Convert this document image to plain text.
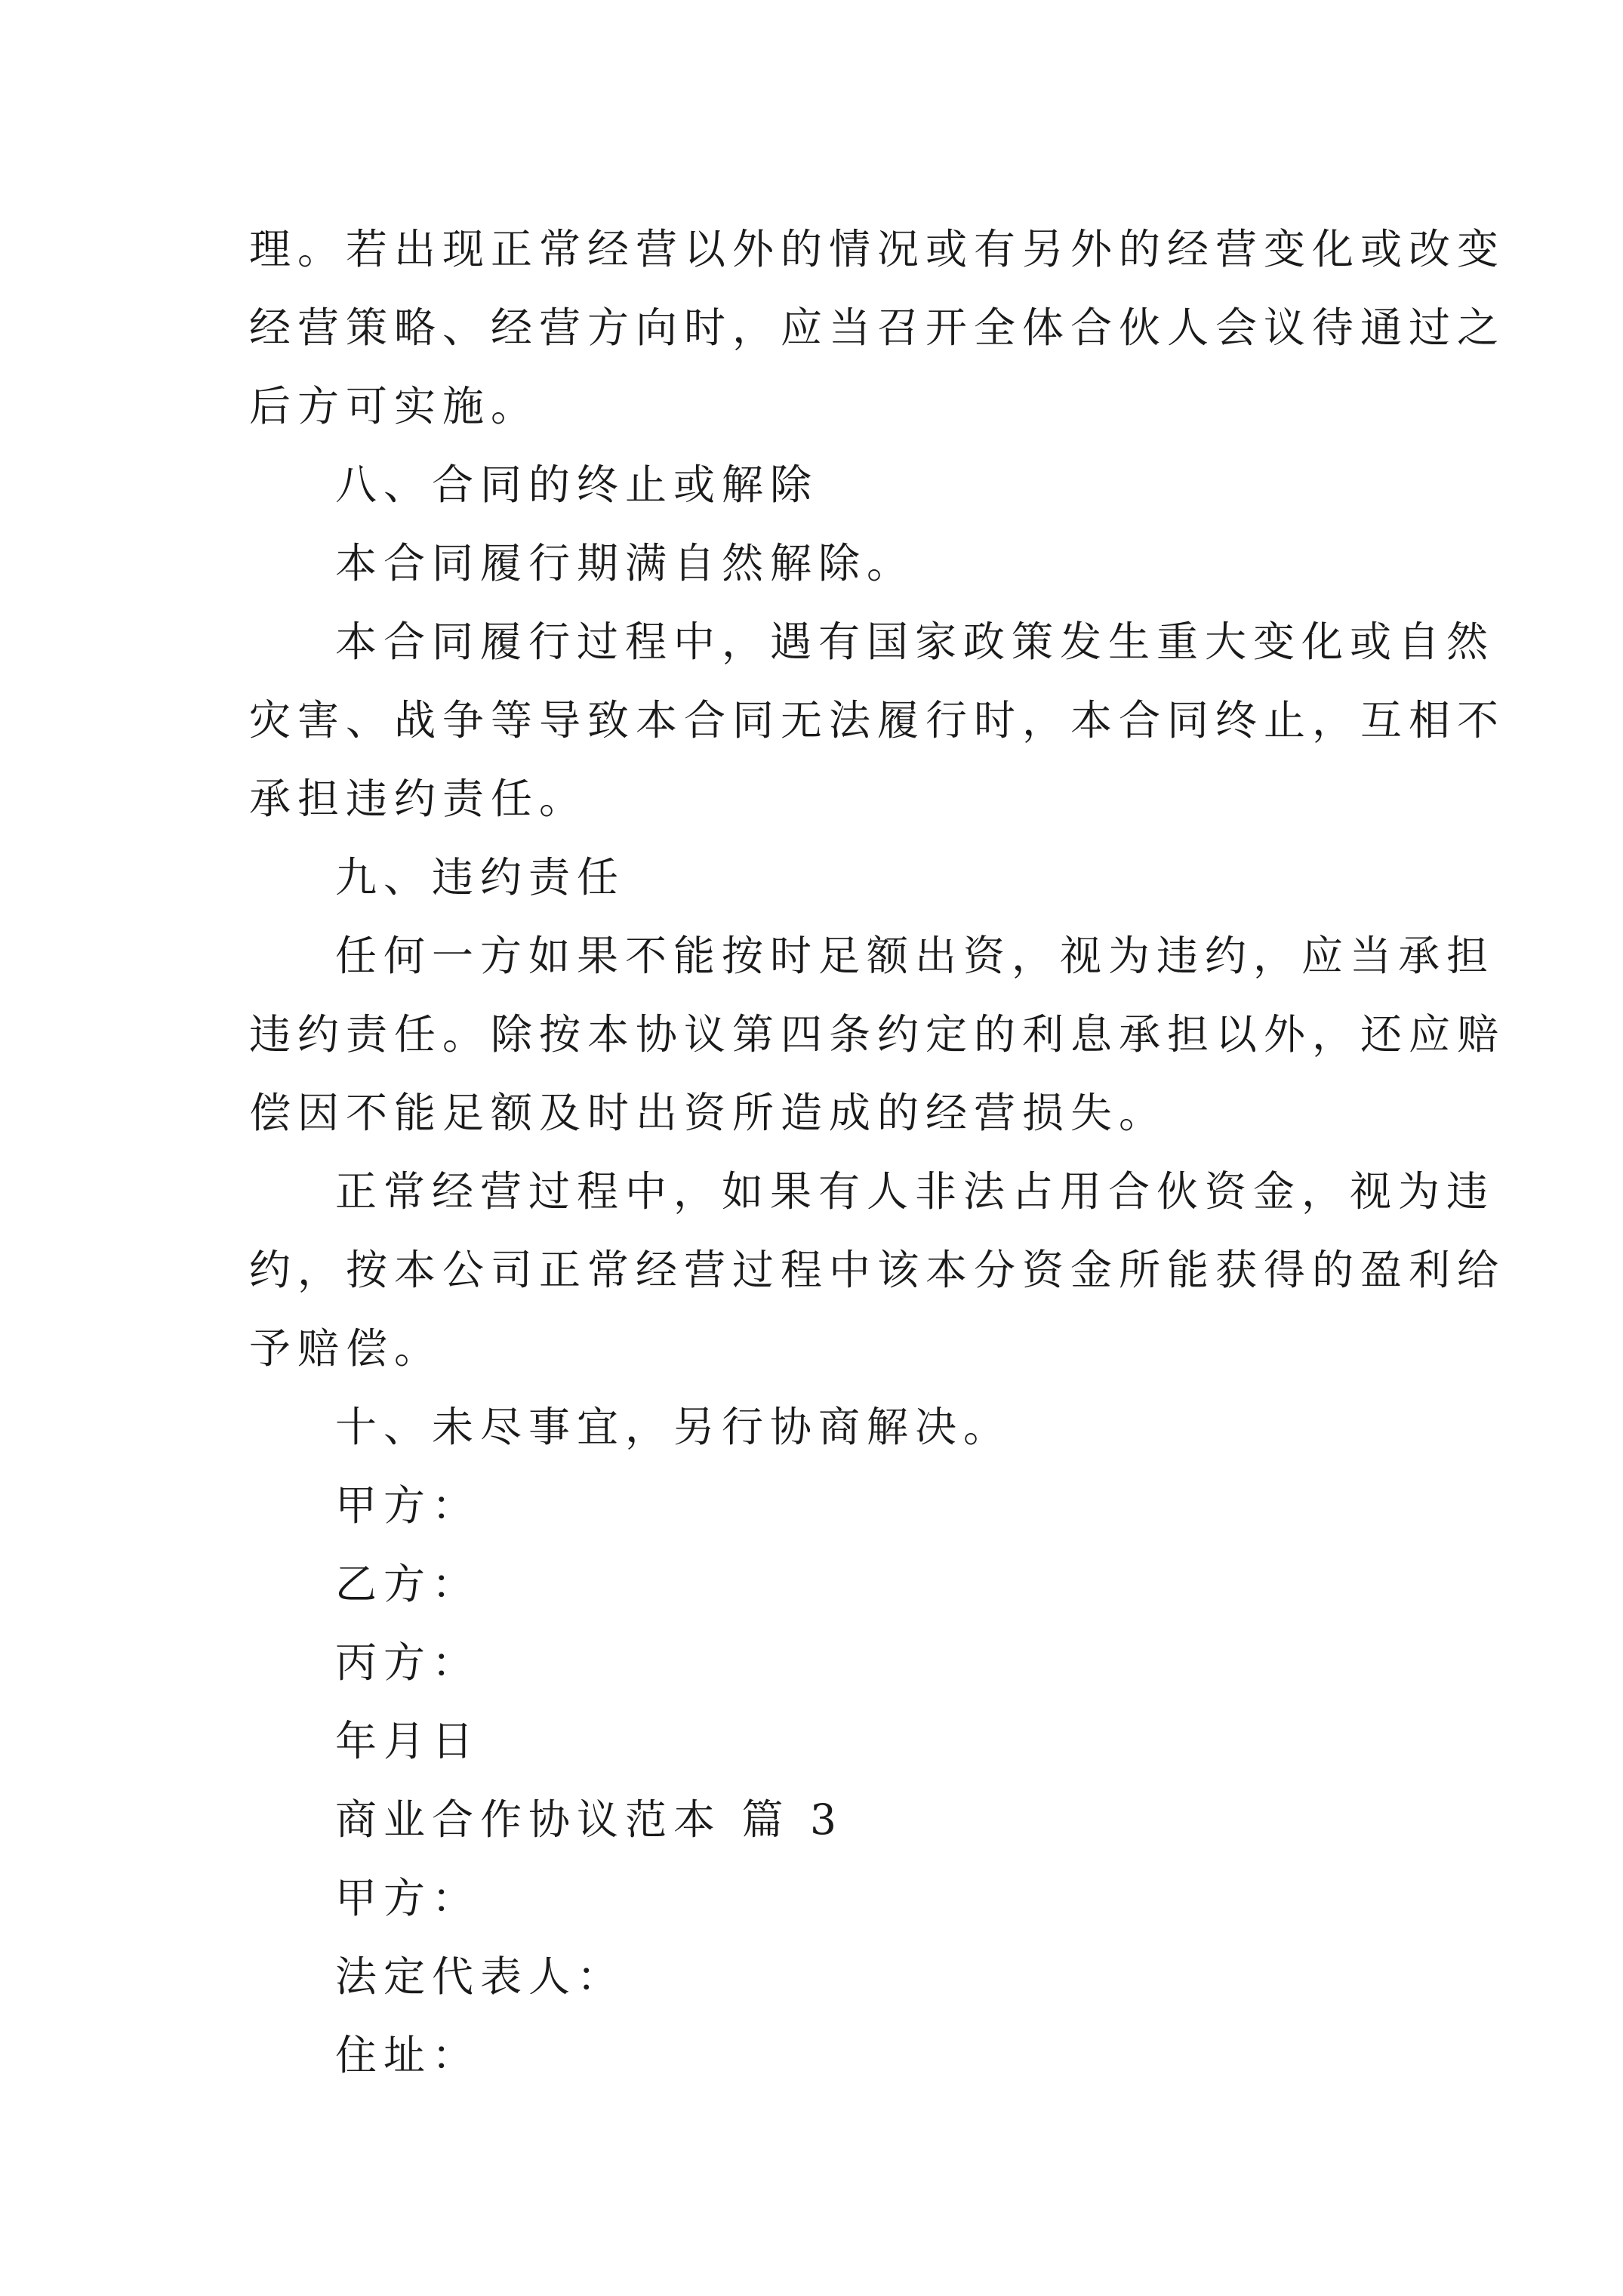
理。若出现正常经营以外的情况或有另外的经营变化或改变

经营策略、经营方向时，应当召开全体合伙人会议待通过之

后方可实施。

八、合同的终止或解除

本合同履行期满自然解除。

本合同履行过程中，遇有国家政策发生重大变化或自然

灾害、战争等导致本合同无法履行时，本合同终止，互相不

承担违约责任。

九、违约责任

任何一方如果不能按时足额出资，视为违约，应当承担

违约责任。除按本协议第四条约定的利息承担以外，还应赔

偿因不能足额及时出资所造成的经营损失。

正常经营过程中，如果有人非法占用合伙资金，视为违

约，按本公司正常经营过程中该本分资金所能获得的盈利给

予赔偿。

十、未尽事宜，另行协商解决。

甲方：

乙方：

丙方：

年月日

商业合作协议范本 篇 3

甲方：

法定代表人：

住址：
